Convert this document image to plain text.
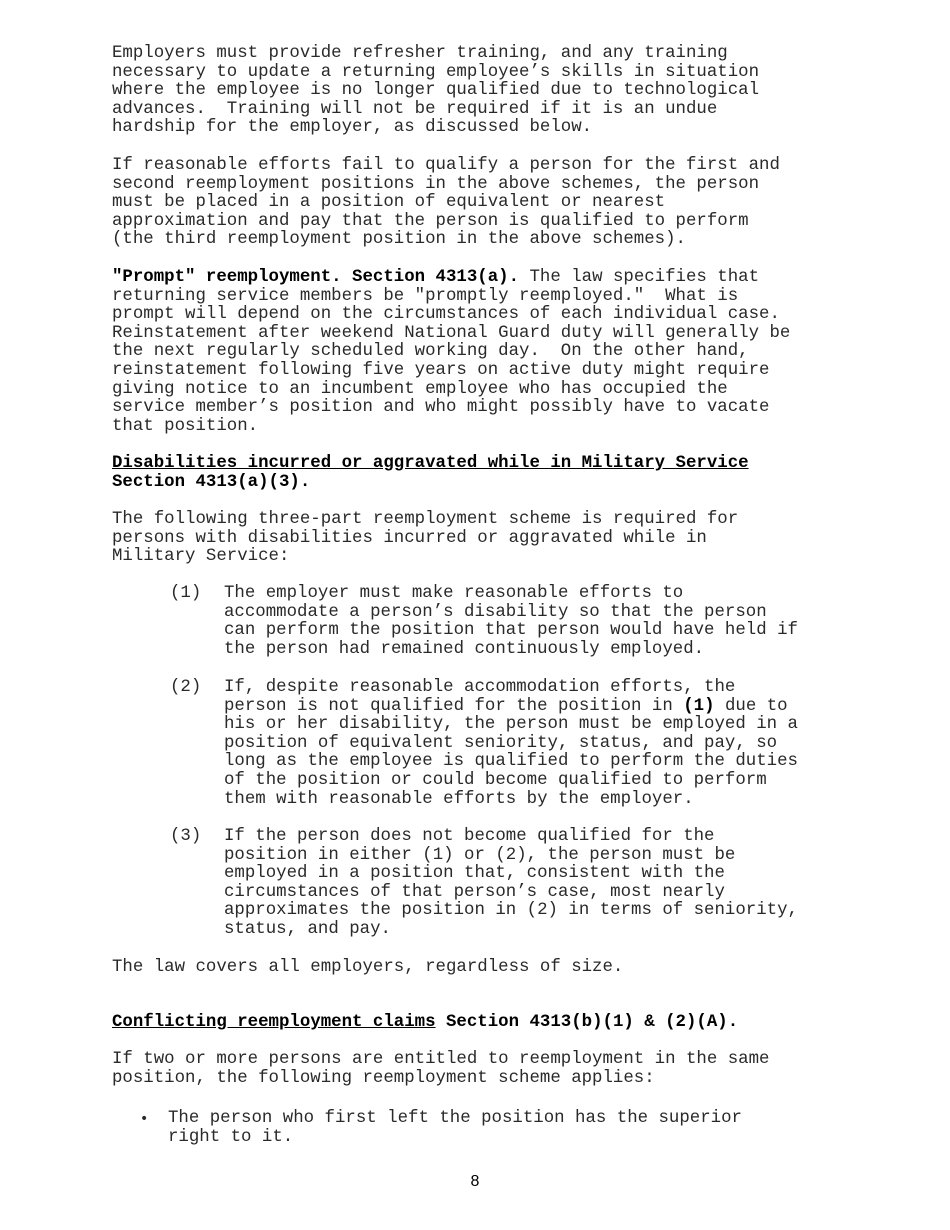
Employers must provide refresher training, and any training
necessary to update a returning employee’s skills in situation
where the employee is no longer qualified due to technological
advances.  Training will not be required if it is an undue
hardship for the employer, as discussed below.

If reasonable efforts fail to qualify a person for the first and
second reemployment positions in the above schemes, the person
must be placed in a position of equivalent or nearest
approximation and pay that the person is qualified to perform
(the third reemployment position in the above schemes).

"Prompt" reemployment. Section 4313(a). The law specifies that
returning service members be "promptly reemployed."  What is
prompt will depend on the circumstances of each individual case.
Reinstatement after weekend National Guard duty will generally be
the next regularly scheduled working day.  On the other hand,
reinstatement following five years on active duty might require
giving notice to an incumbent employee who has occupied the
service member’s position and who might possibly have to vacate
that position.
Disabilities incurred or aggravated while in Military Service
Section 4313(a)(3).

The following three-part reemployment scheme is required for
persons with disabilities incurred or aggravated while in
Military Service:

(1) The employer must make reasonable efforts to
accommodate a person’s disability so that the person
can perform the position that person would have held if
the person had remained continuously employed.
(2) If, despite reasonable accommodation efforts, the
person is not qualified for the position in (1) due to
his or her disability, the person must be employed in a
position of equivalent seniority, status, and pay, so
long as the employee is qualified to perform the duties
of the position or could become qualified to perform
them with reasonable efforts by the employer.
(3) If the person does not become qualified for the
position in either (1) or (2), the person must be
employed in a position that, consistent with the
circumstances of that person’s case, most nearly
approximates the position in (2) in terms of seniority,
status, and pay.

The law covers all employers, regardless of size.

Conflicting reemployment claims Section 4313(b)(1) & (2)(A).

If two or more persons are entitled to reemployment in the same
position, the following reemployment scheme applies:

• The person who first left the position has the superior
right to it.
8
